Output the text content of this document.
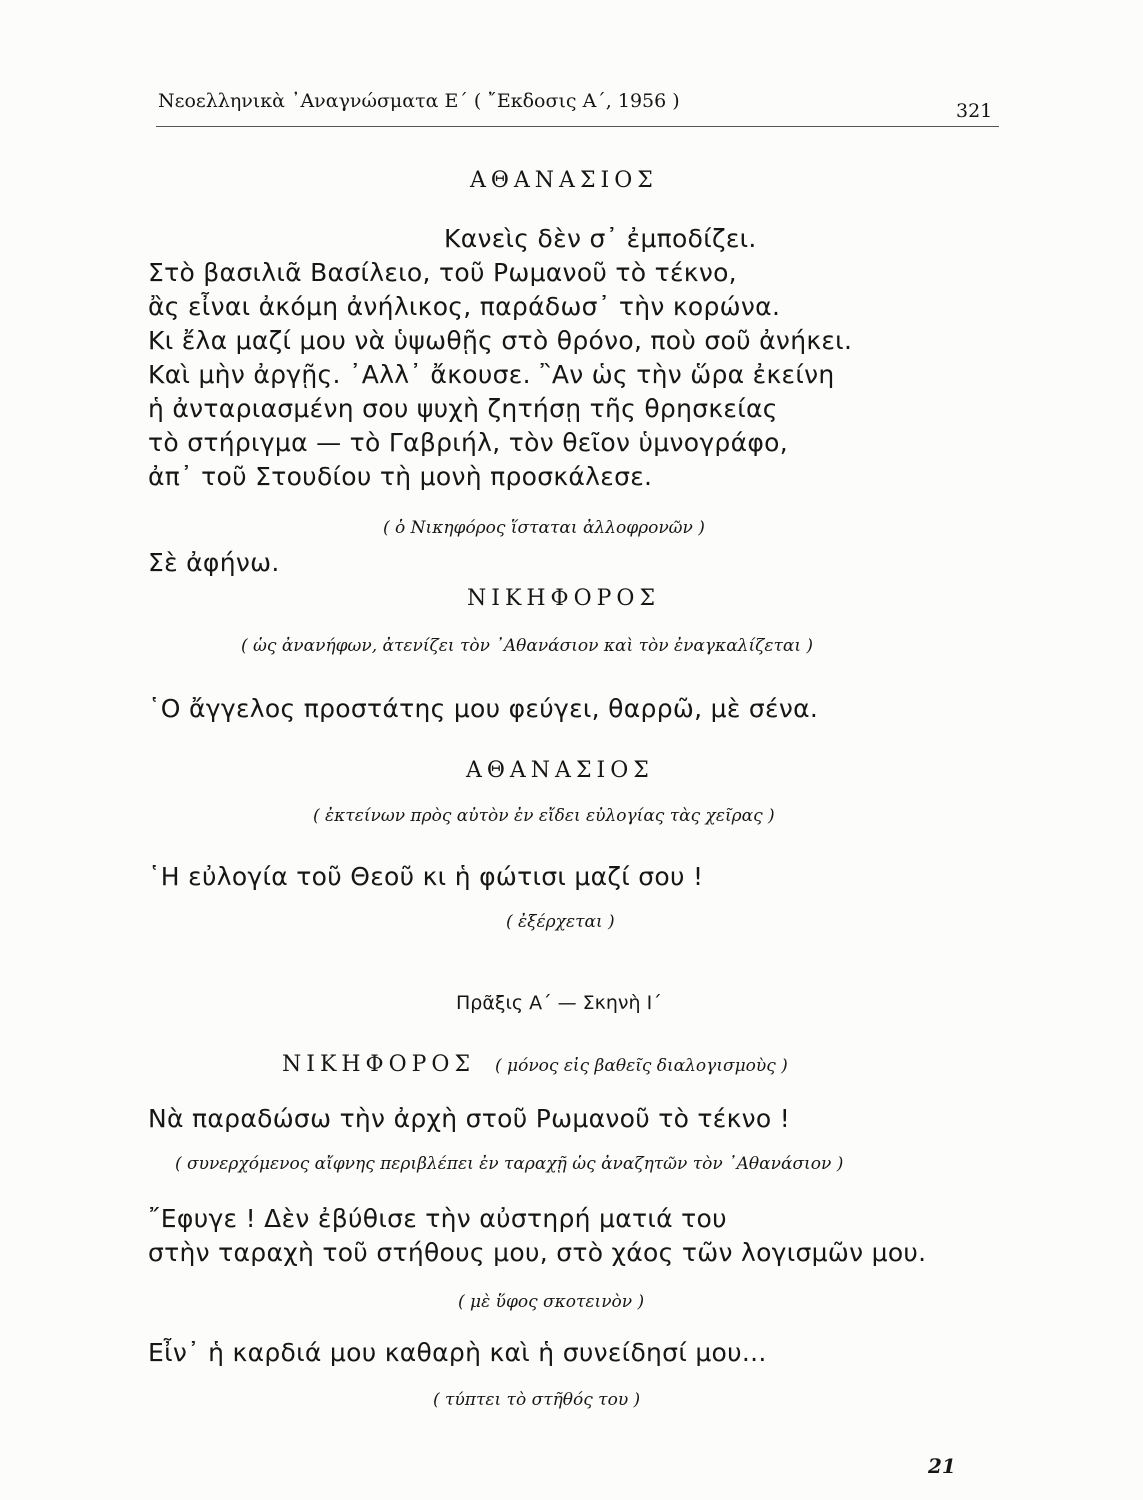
Νεοελληνικὰ ᾿Αναγνώσματα Ε΄ ( ῎Εκδοσις Α΄, 1956 )	321
ΑΘΑΝΑΣΙΟΣ
Κανεὶς δὲν σ᾿ ἐμποδίζει.
Στὸ βασιλιᾶ Βασίλειο, τοῦ Ρωμανοῦ τὸ τέκνο,
ἂς εἶναι ἀκόμη ἀνήλικος, παράδωσ᾿ τὴν κορώνα.
Κι ἔλα μαζί μου νὰ ὑψωθῇς στὸ θρόνο, ποὺ σοῦ ἀνήκει.
Καὶ μὴν ἀργῇς. ᾿Αλλ᾿ ἄκουσε. ῍Αν ὡς τὴν ὥρα ἐκείνη
ἡ ἀνταριασμένη σου ψυχὴ ζητήσῃ τῆς θρησκείας
τὸ στήριγμα — τὸ Γαβριήλ, τὸν θεῖον ὑμνογράφο,
ἀπ᾿ τοῦ Στουδίου τὴ μονὴ προσκάλεσε.
( ὁ Νικηφόρος ἵσταται ἀλλοφρονῶν )
Σὲ ἀφήνω.
ΝΙΚΗΦΟΡΟΣ
( ὡς ἀνανήφων, ἀτενίζει τὸν ᾿Αθανάσιον καὶ τὸν ἐναγκαλίζεται )
῾Ο ἄγγελος προστάτης μου φεύγει, θαρρῶ, μὲ σένα.
ΑΘΑΝΑΣΙΟΣ
( ἐκτείνων πρὸς αὐτὸν ἐν εἴδει εὐλογίας τὰς χεῖρας )
῾Η εὐλογία τοῦ Θεοῦ κι ἡ φώτισι μαζί σου !
( ἐξέρχεται )
Πρᾶξις Α΄ — Σκηνὴ Ι΄
ΝΙΚΗΦΟΡΟΣ ( μόνος εἰς βαθεῖς διαλογισμοὺς )
Νὰ παραδώσω τὴν ἀρχὴ στοῦ Ρωμανοῦ τὸ τέκνο !
( συνερχόμενος αἴφνης περιβλέπει ἐν ταραχῇ ὡς ἀναζητῶν τὸν ᾿Αθανάσιον )
῎Εφυγε ! Δὲν ἐβύθισε τὴν αὐστηρή ματιά του
στὴν ταραχὴ τοῦ στήθους μου, στὸ χάος τῶν λογισμῶν μου.
( μὲ ὕφος σκοτεινὸν )
Εἶν᾿ ἡ καρδιά μου καθαρὴ καὶ ἡ συνείδησί μου...
( τύπτει τὸ στῆθός του )
21
